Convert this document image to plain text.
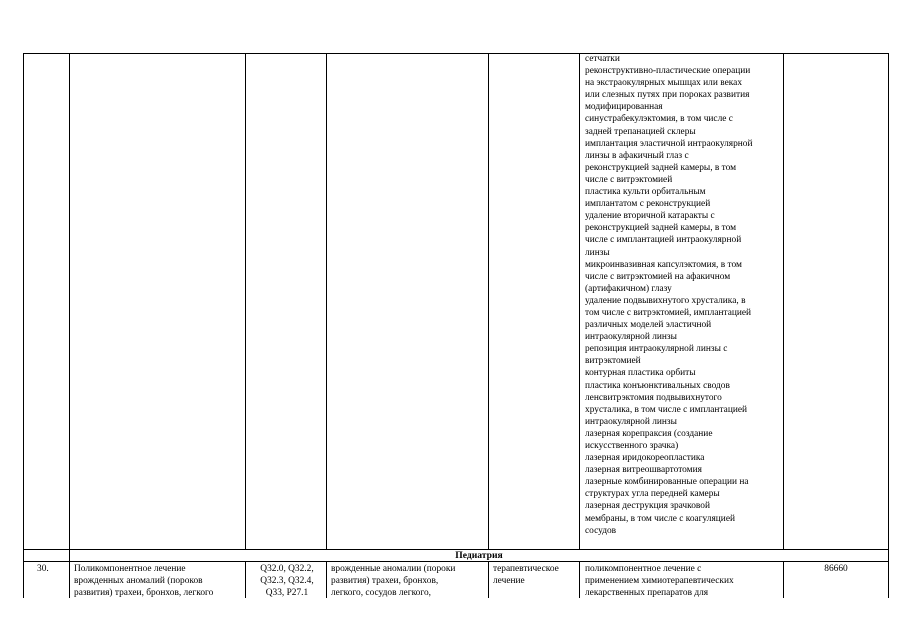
сетчатки
реконструктивно-пластические операции
на экстраокулярных мышцах или веках
или слезных путях при пороках развития
модифицированная
синустрабекулэктомия, в том числе с
задней трепанацией склеры
имплантация эластичной интраокулярной
линзы в афакичный глаз с
реконструкцией задней камеры, в том
числе с витрэктомией
пластика культи орбитальным
имплантатом с реконструкцией
удаление вторичной катаракты с
реконструкцией задней камеры, в том
числе с имплантацией интраокулярной
линзы
микроинвазивная капсулэктомия, в том
числе с витрэктомией на афакичном
(артифакичном) глазу
удаление подвывихнутого хрусталика, в
том числе с витрэктомией, имплантацией
различных моделей эластичной
интраокулярной линзы
репозиция интраокулярной линзы с
витрэктомией
контурная пластика орбиты
пластика конъюнктивальных сводов
ленсвитрэктомия подвывихнутого
хрусталика, в том числе с имплантацией
интраокулярной линзы
лазерная корепраксия (создание
искусственного зрачка)
лазерная иридокореопластика
лазерная витреошвартотомия
лазерные комбинированные операции на
структурах угла передней камеры
лазерная деструкция зрачковой
мембраны, в том числе с коагуляцией
сосудов
Педиатрия
30.	Поликомпонентное лечение
врожденных аномалий (пороков
развития) трахеи, бронхов, легкого
Q32.0, Q32.2,
Q32.3, Q32.4,
Q33, P27.1
врожденные аномалии (пороки
развития) трахеи, бронхов,
легкого, сосудов легкого,
терапевтическое
лечение
поликомпонентное лечение с
применением химиотерапевтических
лекарственных препаратов для
86660
